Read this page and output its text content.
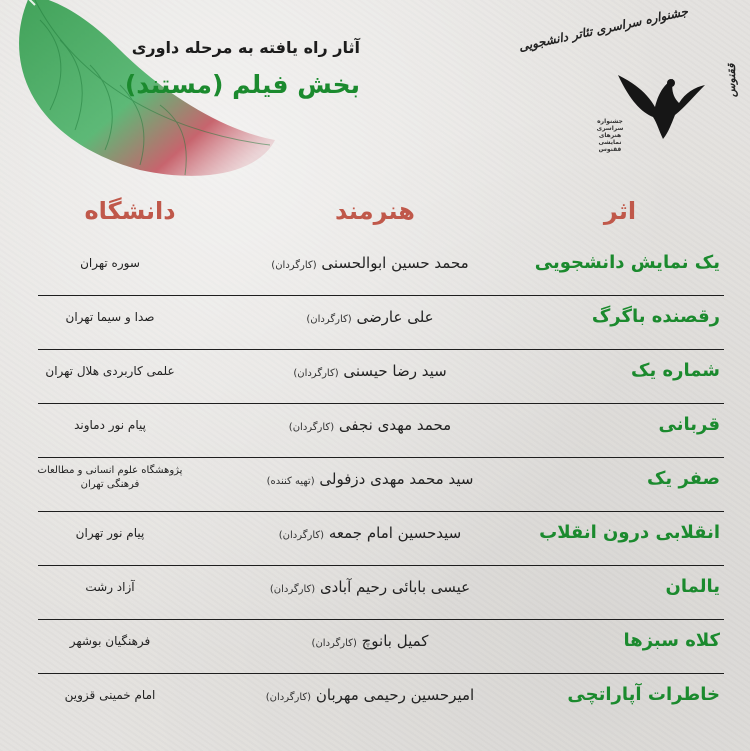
جشنواره سراسری تئاتر دانشجویی
ققنوس
جشنواره سراسری هنرهای نمایشی ققنوس
آثار راه یافته به مرحله داوری
بخش فیلم (مستند)
اثر
هنرمند
دانشگاه
یک نمایش دانشجویی
محمد حسین ابوالحسنی (کارگردان)
سوره تهران
رقصنده باگرگ
علی عارضی (کارگردان)
صدا و سیما تهران
شماره یک
سید رضا حیسنی (کارگردان)
علمی کاربردی هلال تهران
قربانی
محمد مهدی نجفی (کارگردان)
پیام نور دماوند
صفر یک
سید محمد مهدی دزفولی (تهیه کننده)
پژوهشگاه علوم انسانی و مطالعات فرهنگی تهران
انقلابی درون انقلاب
سیدحسین امام جمعه (کارگردان)
پیام نور تهران
یالمان
عیسی بابائی رحیم آبادی (کارگردان)
آزاد رشت
کلاه سبزها
کمیل بانوچ (کارگردان)
فرهنگیان بوشهر
خاطرات آپاراتچی
امیرحسین رحیمی مهربان (کارگردان)
امام خمینی قزوین
